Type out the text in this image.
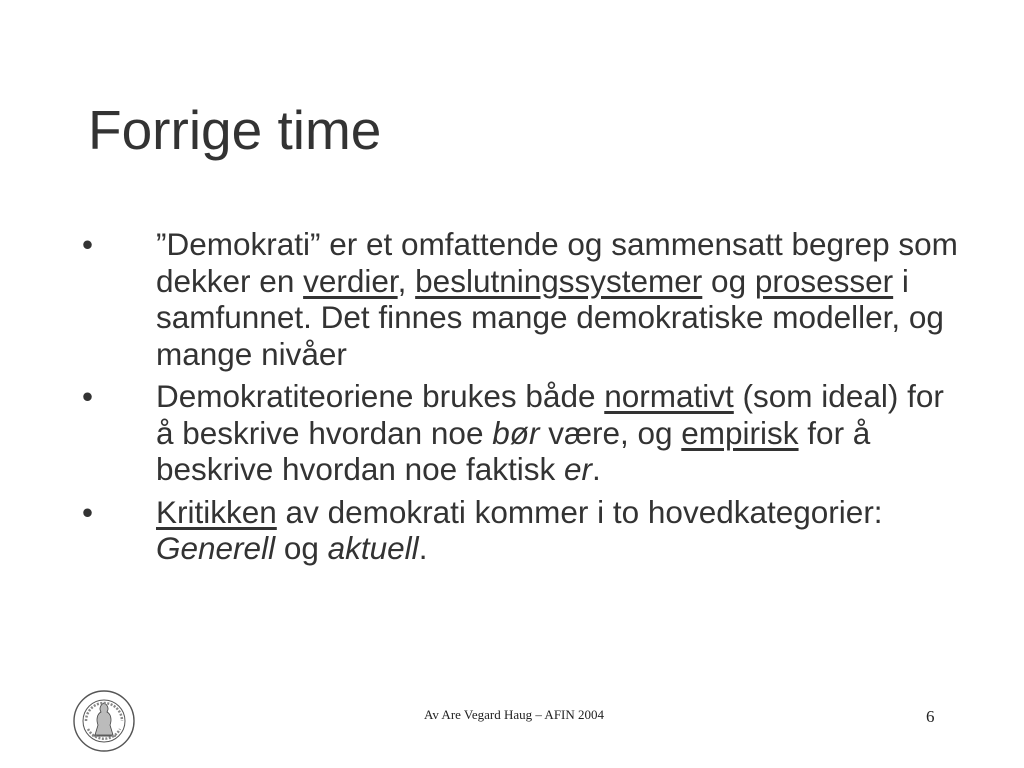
Forrige time
• ”Demokrati” er et omfattende og sammensatt begrep som dekker en verdier, beslutningssystemer og prosesser i samfunnet. Det finnes mange demokratiske modeller, og mange nivåer
• Demokratiteoriene brukes både normativt (som ideal) for å beskrive hvordan noe bør være, og empirisk for å beskrive hvordan noe faktisk er.
• Kritikken av demokrati kommer i to hovedkategorier: Generell og aktuell.
Av Are Vegard Haug – AFIN 2004	6
